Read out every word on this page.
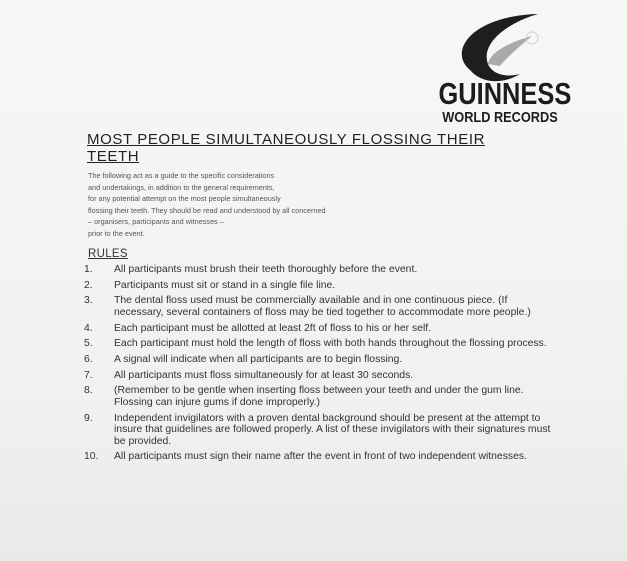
GUINNESS
WORLD RECORDS
MOST PEOPLE SIMULTANEOUSLY FLOSSING THEIR
TEETH

The following act as a guide to the specific considerations
and undertakings, in addition to the general requirements,
for any potential attempt on the most people simultaneously
flossing their teeth. They should be read and understood by all concerned
– organisers, participants and witnesses –
prior to the event.

RULES
1.	All participants must brush their teeth thoroughly before the event.
2.	Participants must sit or stand in a single file line.
3.	The dental floss used must be commercially available and in one continuous piece. (If necessary, several containers of floss may be tied together to accommodate more people.)
4.	Each participant must be allotted at least 2ft of floss to his or her self.
5.	Each participant must hold the length of floss with both hands throughout the flossing process.
6.	A signal will indicate when all participants are to begin flossing.
7.	All participants must floss simultaneously for at least 30 seconds.
8.	(Remember to be gentle when inserting floss between your teeth and under the gum line. Flossing can injure gums if done improperly.)
9.	Independent invigilators with a proven dental background should be present at the attempt to insure that guidelines are followed properly. A list of these invigilators with their signatures must be provided.
10.	All participants must sign their name after the event in front of two independent witnesses.
